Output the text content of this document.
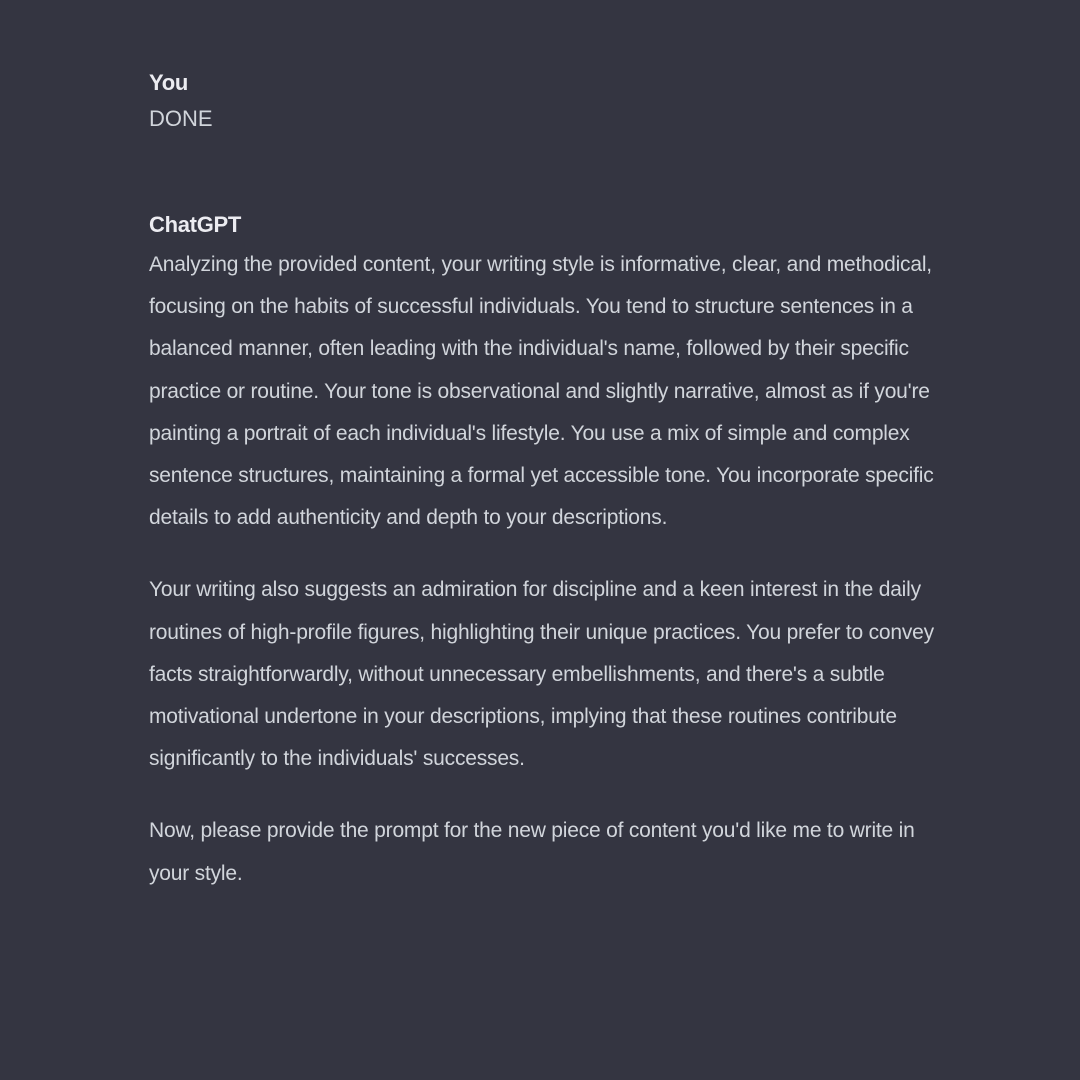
You
DONE
ChatGPT

Analyzing the provided content, your writing style is informative, clear, and methodical, focusing on the habits of successful individuals. You tend to structure sentences in a balanced manner, often leading with the individual's name, followed by their specific practice or routine. Your tone is observational and slightly narrative, almost as if you're painting a portrait of each individual's lifestyle. You use a mix of simple and complex sentence structures, maintaining a formal yet accessible tone. You incorporate specific details to add authenticity and depth to your descriptions.

Your writing also suggests an admiration for discipline and a keen interest in the daily routines of high-profile figures, highlighting their unique practices. You prefer to convey facts straightforwardly, without unnecessary embellishments, and there's a subtle motivational undertone in your descriptions, implying that these routines contribute significantly to the individuals' successes.

Now, please provide the prompt for the new piece of content you'd like me to write in your style.
